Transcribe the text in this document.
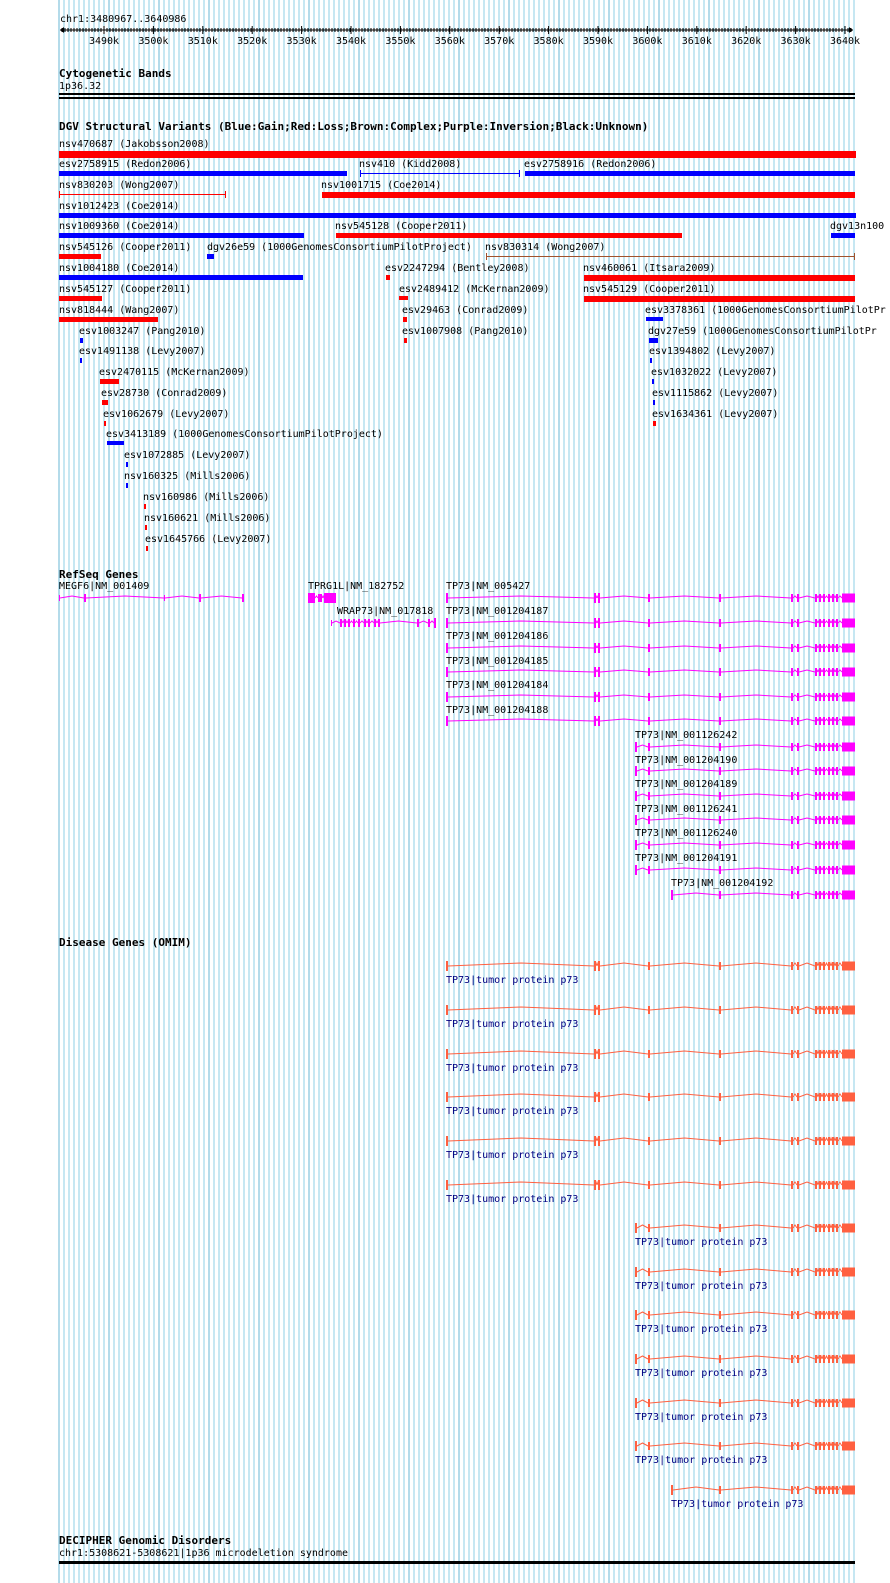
chr1:3480967..3640986
3490k 3500k 3510k 3520k 3530k 3540k 3550k 3560k 3570k 3580k 3590k 3600k 3610k 3620k 3630k 3640k
Cytogenetic Bands
1p36.32
DGV Structural Variants (Blue:Gain;Red:Loss;Brown:Complex;Purple:Inversion;Black:Unknown)
RefSeq Genes
Disease Genes (OMIM)
DECIPHER Genomic Disorders
chr1:5308621-5308621|1p36 microdeletion syndrome
nsv470687 (Jakobsson2008)
esv2758915 (Redon2006)	nsv410 (Kidd2008)	esv2758916 (Redon2006)
nsv830203 (Wong2007)	nsv1001715 (Coe2014)
nsv1012423 (Coe2014)
nsv1009360 (Coe2014)	nsv545128 (Cooper2011)	dgv13n100
nsv545126 (Cooper2011) dgv26e59 (1000GenomesConsortiumPilotProject) nsv830314 (Wong2007)
nsv1004180 (Coe2014)	esv2247294 (Bentley2008)	nsv460061 (Itsara2009)
nsv545127 (Cooper2011)	esv2489412 (McKernan2009)	nsv545129 (Cooper2011)
nsv818444 (Wang2007)	esv29463 (Conrad2009)	esv3378361 (1000GenomesConsortiumPilotPr
esv1003247 (Pang2010)	esv1007908 (Pang2010)	dgv27e59 (1000GenomesConsortiumPilotPr
esv1491138 (Levy2007)	esv1394802 (Levy2007)
esv2470115 (McKernan2009)	esv1032022 (Levy2007)
esv28730 (Conrad2009)	esv1115862 (Levy2007)
esv1062679 (Levy2007)	esv1634361 (Levy2007)
esv3413189 (1000GenomesConsortiumPilotProject)
esv1072885 (Levy2007)
nsv160325 (Mills2006)
nsv160986 (Mills2006)
nsv160621 (Mills2006)
esv1645766 (Levy2007)
MEGF6|NM_001409	TPRG1L|NM_182752
WRAP73|NM_017818
TP73|NM_005427
TP73|NM_001204187
TP73|NM_001204186
TP73|NM_001204185
TP73|NM_001204184
TP73|NM_001204188
TP73|NM_001126242
TP73|NM_001204190
TP73|NM_001204189
TP73|NM_001126241
TP73|NM_001126240
TP73|NM_001204191
TP73|NM_001204192
TP73|tumor protein p73
TP73|tumor protein p73
TP73|tumor protein p73
TP73|tumor protein p73
TP73|tumor protein p73
TP73|tumor protein p73
TP73|tumor protein p73
TP73|tumor protein p73
TP73|tumor protein p73
TP73|tumor protein p73
TP73|tumor protein p73
TP73|tumor protein p73
TP73|tumor protein p73
